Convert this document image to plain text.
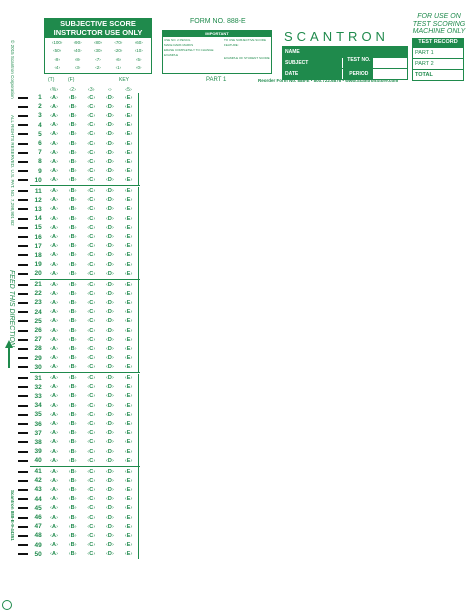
© 2015 Scantron Corporation
ALL RIGHTS RESERVED. U.S. PAT. NO. 7,298,901 B2
FEED THIS DIRECTION
Scantron 888-E-9-44351
SUBJECTIVE SCORE
INSTRUCTOR USE ONLY
‹100›	‹90›	‹80›	‹70›	‹60›
‹50›	‹40›	‹30›	‹20›	‹10›
‹9›	‹8›	‹7›	‹6›	‹5›
‹4›	‹3›	‹2›	‹1›	‹0›
FORM NO. 888-E
IMPORTANT
USE NO. 2 PENCIL
MAKE DARK MARKS
ERASE COMPLETELY TO CHANGE
EXAMPLE
TO USE SUBJECTIVE SCORE FEATURE:
EXAMPLE OF STUDENT SCORE
SCANTRON
FOR USE ON
TEST SCORING
MACHINE ONLY
NAME
SUBJECT	TEST NO.
DATE	PERIOD
TEST RECORD
PART 1
PART 2
TOTAL
PART 1	Reorder Form No. 888-E • 800.722.6876 • www.ScantronStore.com
(T)	(F)	KEY
‹%›	‹2›	‹3›	‹›	‹5›
1	‹A›	‹B›	‹C›	‹D›	‹E›
2	‹A›	‹B›	‹C›	‹D›	‹E›
3	‹A›	‹B›	‹C›	‹D›	‹E›
4	‹A›	‹B›	‹C›	‹D›	‹E›
5	‹A›	‹B›	‹C›	‹D›	‹E›
6	‹A›	‹B›	‹C›	‹D›	‹E›
7	‹A›	‹B›	‹C›	‹D›	‹E›
8	‹A›	‹B›	‹C›	‹D›	‹E›
9	‹A›	‹B›	‹C›	‹D›	‹E›
10	‹A›	‹B›	‹C›	‹D›	‹E›
11	‹A›	‹B›	‹C›	‹D›	‹E›
12	‹A›	‹B›	‹C›	‹D›	‹E›
13	‹A›	‹B›	‹C›	‹D›	‹E›
14	‹A›	‹B›	‹C›	‹D›	‹E›
15	‹A›	‹B›	‹C›	‹D›	‹E›
16	‹A›	‹B›	‹C›	‹D›	‹E›
17	‹A›	‹B›	‹C›	‹D›	‹E›
18	‹A›	‹B›	‹C›	‹D›	‹E›
19	‹A›	‹B›	‹C›	‹D›	‹E›
20	‹A›	‹B›	‹C›	‹D›	‹E›
21	‹A›	‹B›	‹C›	‹D›	‹E›
22	‹A›	‹B›	‹C›	‹D›	‹E›
23	‹A›	‹B›	‹C›	‹D›	‹E›
24	‹A›	‹B›	‹C›	‹D›	‹E›
25	‹A›	‹B›	‹C›	‹D›	‹E›
26	‹A›	‹B›	‹C›	‹D›	‹E›
27	‹A›	‹B›	‹C›	‹D›	‹E›
28	‹A›	‹B›	‹C›	‹D›	‹E›
29	‹A›	‹B›	‹C›	‹D›	‹E›
30	‹A›	‹B›	‹C›	‹D›	‹E›
31	‹A›	‹B›	‹C›	‹D›	‹E›
32	‹A›	‹B›	‹C›	‹D›	‹E›
33	‹A›	‹B›	‹C›	‹D›	‹E›
34	‹A›	‹B›	‹C›	‹D›	‹E›
35	‹A›	‹B›	‹C›	‹D›	‹E›
36	‹A›	‹B›	‹C›	‹D›	‹E›
37	‹A›	‹B›	‹C›	‹D›	‹E›
38	‹A›	‹B›	‹C›	‹D›	‹E›
39	‹A›	‹B›	‹C›	‹D›	‹E›
40	‹A›	‹B›	‹C›	‹D›	‹E›
41	‹A›	‹B›	‹C›	‹D›	‹E›
42	‹A›	‹B›	‹C›	‹D›	‹E›
43	‹A›	‹B›	‹C›	‹D›	‹E›
44	‹A›	‹B›	‹C›	‹D›	‹E›
45	‹A›	‹B›	‹C›	‹D›	‹E›
46	‹A›	‹B›	‹C›	‹D›	‹E›
47	‹A›	‹B›	‹C›	‹D›	‹E›
48	‹A›	‹B›	‹C›	‹D›	‹E›
49	‹A›	‹B›	‹C›	‹D›	‹E›
50	‹A›	‹B›	‹C›	‹D›	‹E›
